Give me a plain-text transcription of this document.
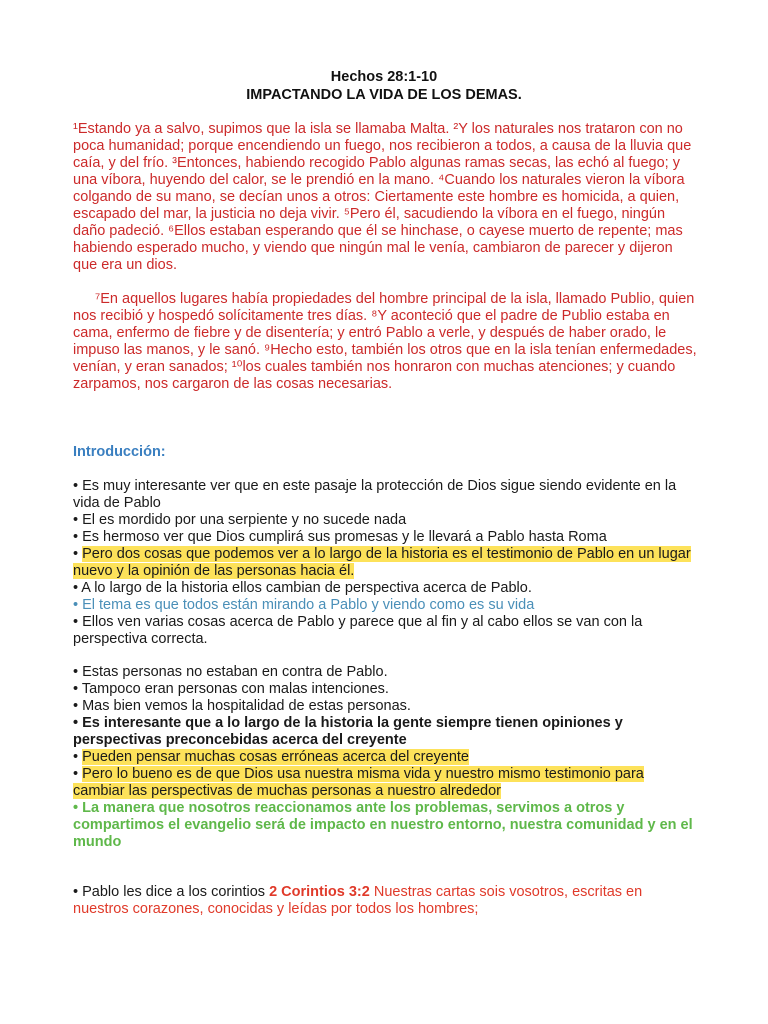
Hechos 28:1-10
IMPACTANDO LA VIDA DE LOS DEMAS.
¹Estando ya a salvo, supimos que la isla se llamaba Malta. ²Y los naturales nos trataron con no poca humanidad; porque encendiendo un fuego, nos recibieron a todos, a causa de la lluvia que caía, y del frío. ³Entonces, habiendo recogido Pablo algunas ramas secas, las echó al fuego; y una víbora, huyendo del calor, se le prendió en la mano. ⁴Cuando los naturales vieron la víbora colgando de su mano, se decían unos a otros: Ciertamente este hombre es homicida, a quien, escapado del mar, la justicia no deja vivir. ⁵Pero él, sacudiendo la víbora en el fuego, ningún daño padeció. ⁶Ellos estaban esperando que él se hinchase, o cayese muerto de repente; mas habiendo esperado mucho, y viendo que ningún mal le venía, cambiaron de parecer y dijeron que era un dios.
⁷En aquellos lugares había propiedades del hombre principal de la isla, llamado Publio, quien nos recibió y hospedó solícitamente tres días. ⁸Y aconteció que el padre de Publio estaba en cama, enfermo de fiebre y de disentería; y entró Pablo a verle, y después de haber orado, le impuso las manos, y le sanó. ⁹Hecho esto, también los otros que en la isla tenían enfermedades, venían, y eran sanados; ¹⁰los cuales también nos honraron con muchas atenciones; y cuando zarpamos, nos cargaron de las cosas necesarias.
Introducción:
• Es muy interesante ver que en este pasaje la protección de Dios sigue siendo evidente en la vida de Pablo
• El es mordido por una serpiente y no sucede nada
• Es hermoso ver que Dios cumplirá sus promesas y le llevará a Pablo hasta Roma
• Pero dos cosas que podemos ver a lo largo de la historia es el testimonio de Pablo en un lugar nuevo y la opinión de las personas hacia él.
• A lo largo de la historia ellos cambian de perspectiva acerca de Pablo.
• El tema es que todos están mirando a Pablo y viendo como es su vida
• Ellos ven varias cosas acerca de Pablo y parece que al fin y al cabo ellos se van con la perspectiva correcta.
• Estas personas no estaban en contra de Pablo.
• Tampoco eran personas con malas intenciones.
• Mas bien vemos la hospitalidad de estas personas.
• Es interesante que a lo largo de la historia la gente siempre tienen opiniones y perspectivas preconcebidas acerca del creyente
• Pueden pensar muchas cosas erróneas acerca del creyente
• Pero lo bueno es de que Dios usa nuestra misma vida y nuestro mismo testimonio para cambiar las perspectivas de muchas personas a nuestro alrededor
• La manera que nosotros reaccionamos ante los problemas, servimos a otros y compartimos el evangelio será de impacto en nuestro entorno, nuestra comunidad y en el mundo
• Pablo les dice a los corintios 2 Corintios 3:2 Nuestras cartas sois vosotros, escritas en nuestros corazones, conocidas y leídas por todos los hombres;
